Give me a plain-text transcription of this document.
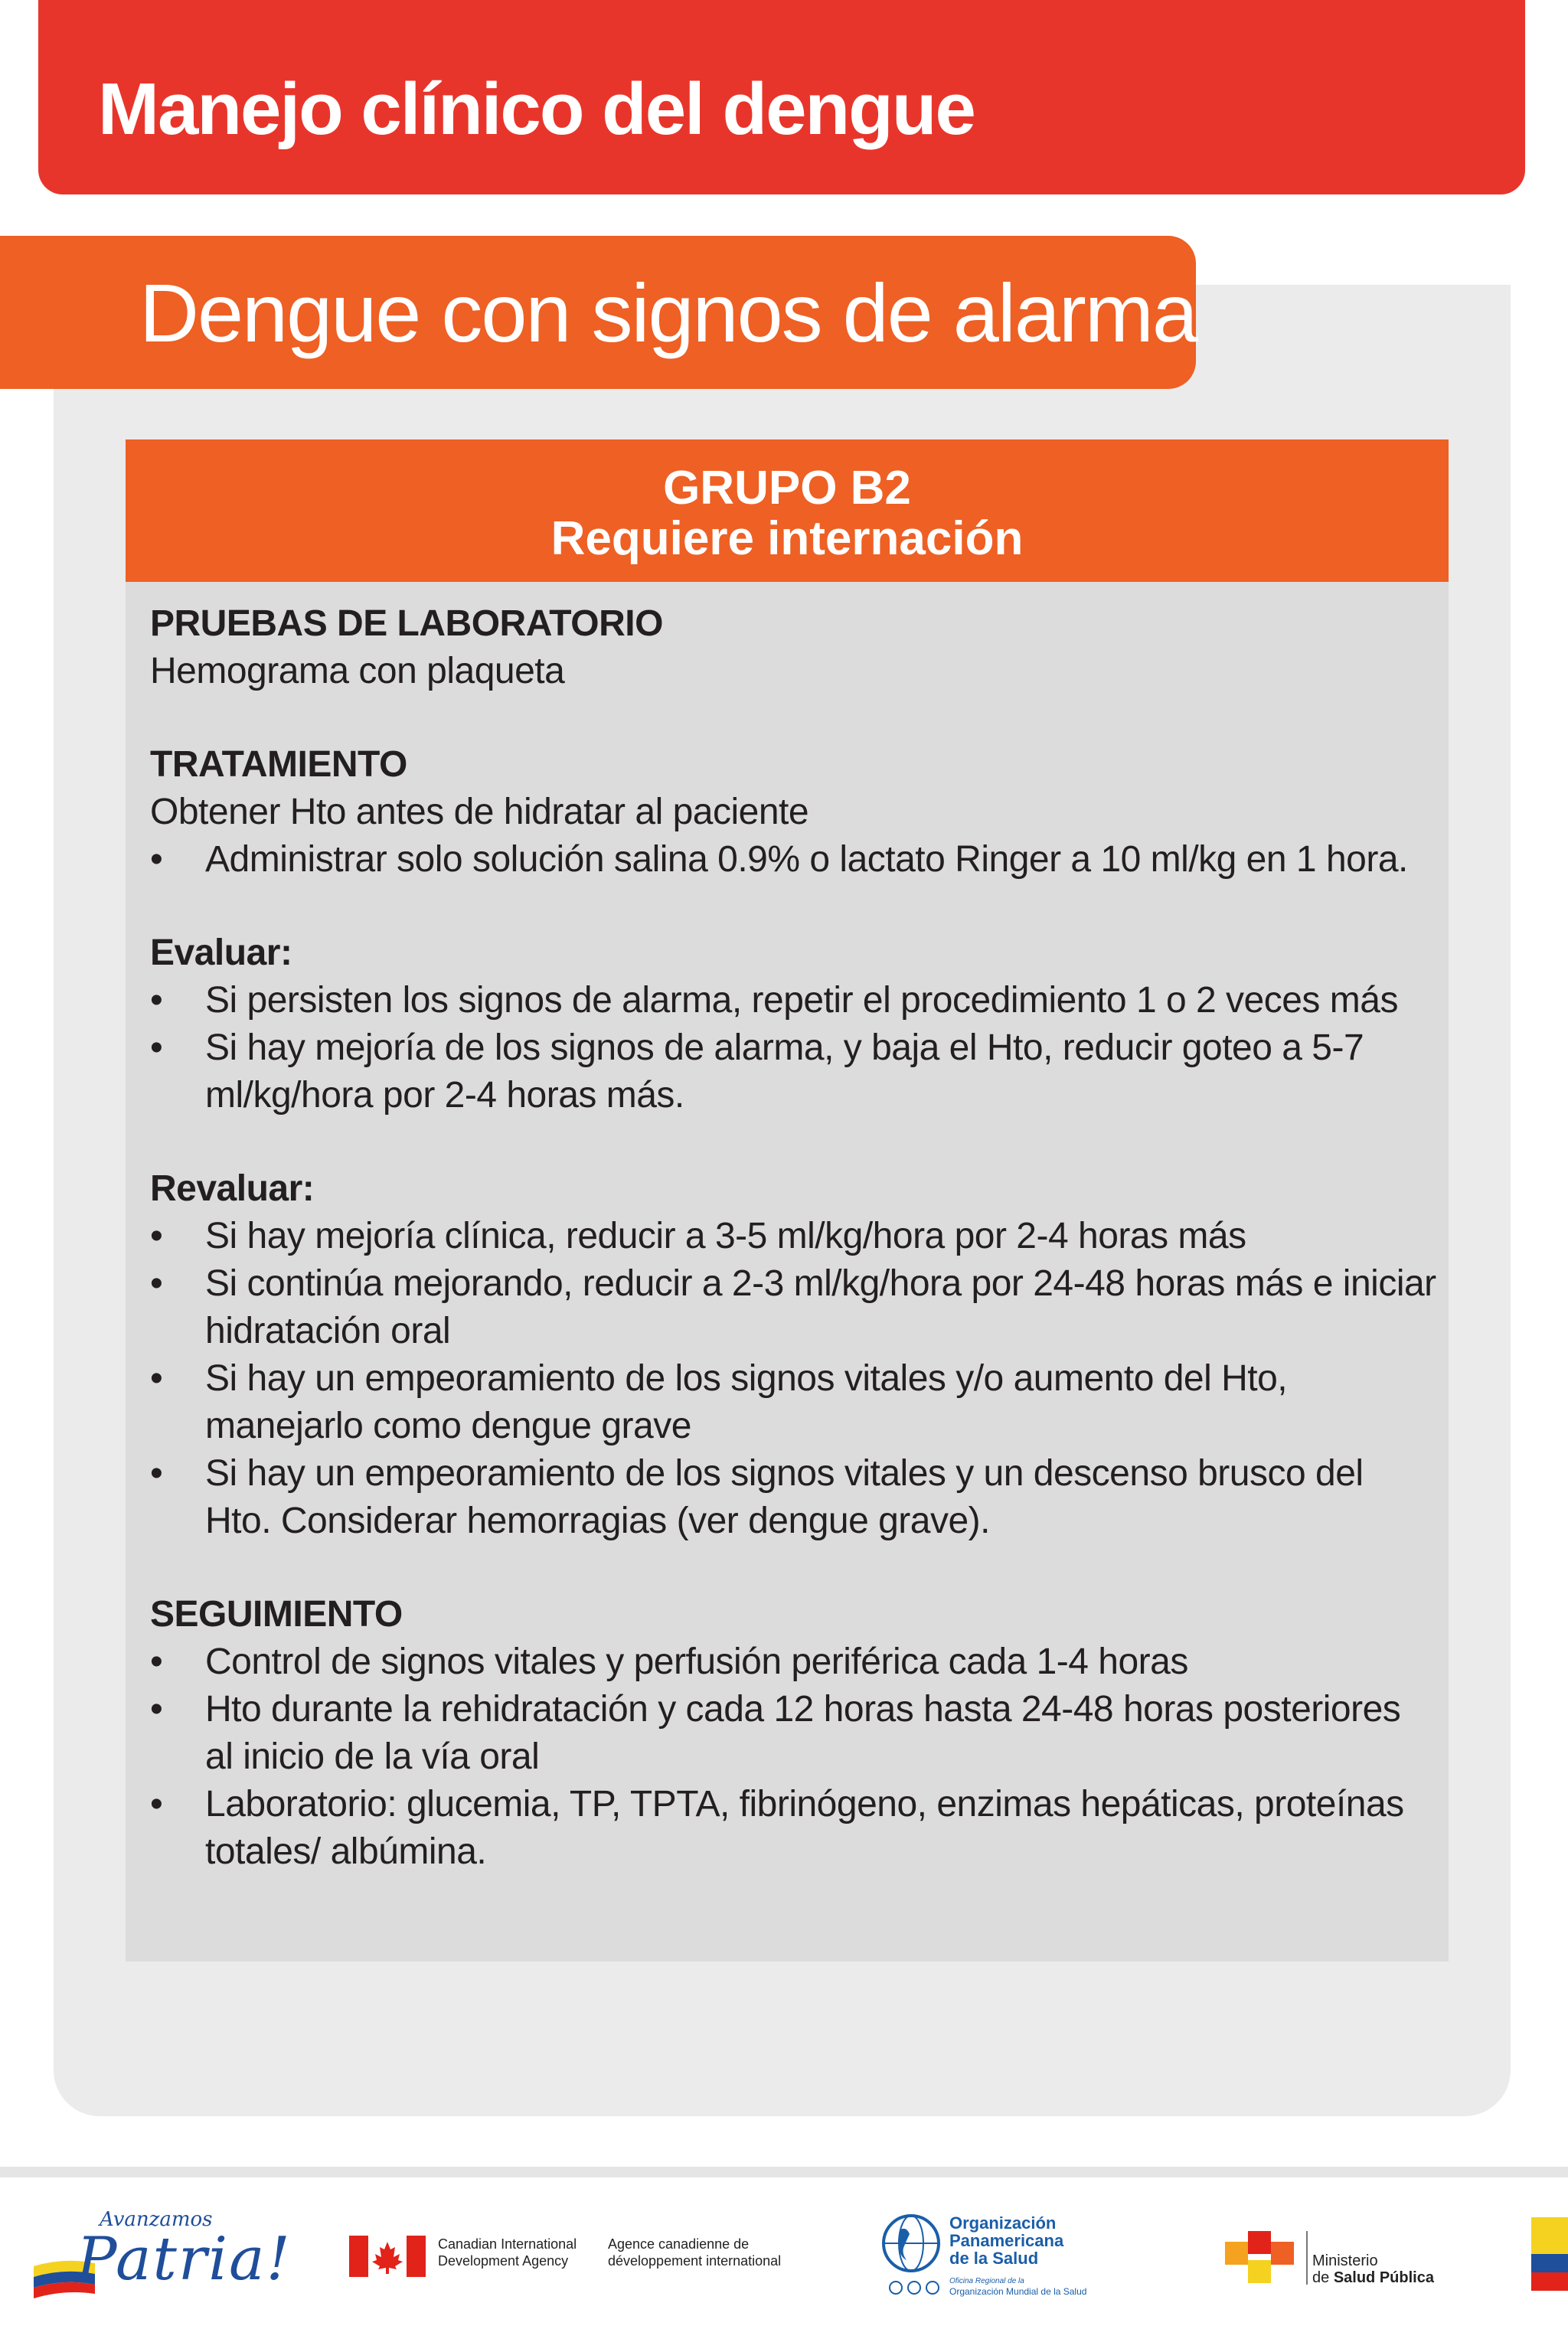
Manejo clínico del dengue
Dengue con signos de alarma
GRUPO B2
Requiere internación
PRUEBAS DE LABORATORIO
Hemograma con plaqueta
TRATAMIENTO
Obtener Hto antes de hidratar al paciente
• Administrar solo solución salina 0.9% o lactato Ringer a 10 ml/kg en 1 hora.
Evaluar:
• Si persisten los signos de alarma, repetir el procedimiento 1 o 2 veces más
• Si hay mejoría de los signos de alarma, y baja el Hto, reducir goteo a 5-7 ml/kg/hora por 2-4 horas más.
Revaluar:
• Si hay mejoría clínica, reducir a 3-5 ml/kg/hora por 2-4 horas más
• Si continúa mejorando, reducir a 2-3 ml/kg/hora por 24-48 horas más e iniciar hidratación oral
• Si hay un empeoramiento de los signos vitales y/o aumento del Hto, manejarlo como dengue grave
• Si hay un empeoramiento de los signos vitales y un descenso brusco del Hto. Considerar hemorragias (ver dengue grave).
SEGUIMIENTO
• Control de signos vitales y perfusión periférica cada 1-4 horas
• Hto durante la rehidratación y cada 12 horas hasta 24-48 horas posteriores al inicio de la vía oral
• Laboratorio: glucemia, TP, TPTA, fibrinógeno, enzimas hepáticas, proteínas totales/ albúmina.
Avanzamos
Patria!	Canadian International
Development Agency
Agence canadienne de
développement international
Organización
Panamericana
de la Salud
Oficina Regional de la
Organización Mundial de la Salud
Ministerio
de Salud Pública
